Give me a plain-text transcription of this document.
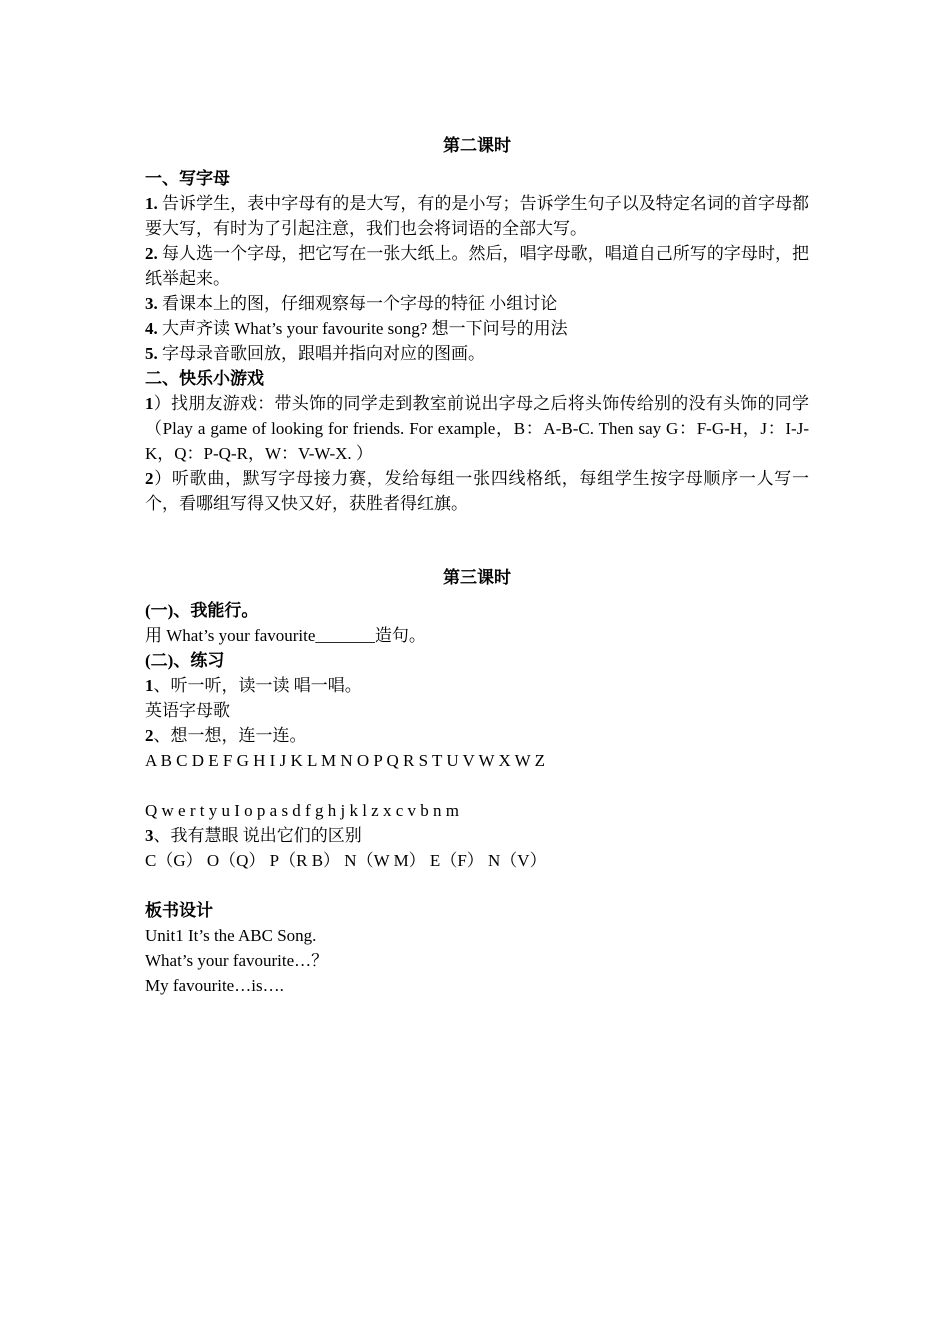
第二课时
一、写字母
1. 告诉学生，表中字母有的是大写，有的是小写；告诉学生句子以及特定名词的首字母都要大写，有时为了引起注意，我们也会将词语的全部大写。
2. 每人选一个字母，把它写在一张大纸上。然后，唱字母歌，唱道自己所写的字母时，把纸举起来。
3. 看课本上的图，仔细观察每一个字母的特征 小组讨论
4. 大声齐读 What’s your favourite song? 想一下问号的用法
5. 字母录音歌回放，跟唱并指向对应的图画。
二、快乐小游戏
1）找朋友游戏：带头饰的同学走到教室前说出字母之后将头饰传给别的没有头饰的同学（Play a game of looking for friends. For example，B：A-B-C. Then say G：F-G-H，J：I-J-K，Q：P-Q-R，W：V-W-X. ）
2）听歌曲，默写字母接力赛，发给每组一张四线格纸，每组学生按字母顺序一人写一个，看哪组写得又快又好，获胜者得红旗。
第三课时
(一)、我能行。
用 What’s your favourite_______造句。
(二)、练习
1、听一听，读一读 唱一唱。
英语字母歌
2、想一想，连一连。
A B C D E F G H I J K L M N O P Q R S T U V W X W Z
Q w e r t y u I o p a s d f g h j k l z x c v b n m
3、我有慧眼 说出它们的区别
C（G） O（Q） P（R B） N（W M） E（F） N（V）
板书设计
Unit1 It’s the ABC Song.
What’s your favourite…？
My favourite…is….
